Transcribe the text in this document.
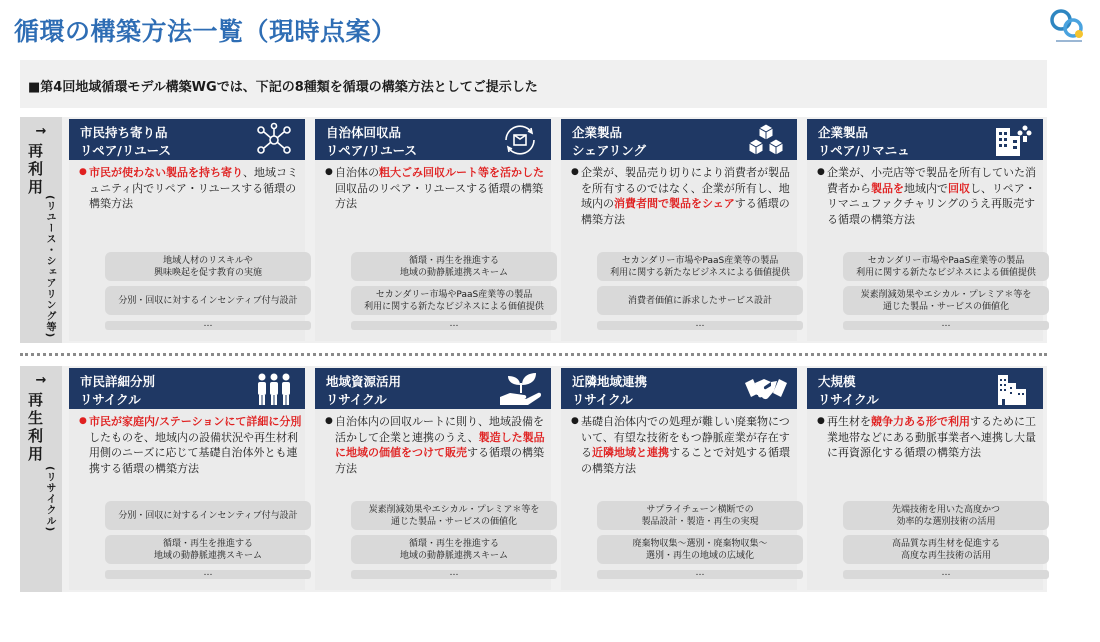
循環の構築方法一覧（現時点案）
■第4回地域循環モデル構築WGでは、下記の8種類を循環の構築方法としてご提示した
→
再利用
(リユース・シェアリング等)
市民持ち寄り品
リペア/リユース
● 市民が使わない製品を持ち寄り、地域コミュニティ内でリペア・リユースする循環の構築方法
地域人材のリスキルや
興味喚起を促す教育の実施
分別・回収に対するインセンティブ付与設計
…
自治体回収品
リペア/リユース
● 自治体の粗大ごみ回収ルート等を活かした回収品のリペア・リユースする循環の構築方法
循環・再生を推進する
地域の動静脈連携スキーム
セカンダリー市場やPaaS産業等の製品
利用に関する新たなビジネスによる価値提供
…
企業製品
シェアリング
● 企業が、製品売り切りにより消費者が製品を所有するのではなく、企業が所有し、地域内の消費者間で製品をシェアする循環の構築方法
セカンダリー市場やPaaS産業等の製品
利用に関する新たなビジネスによる価値提供
消費者価値に訴求したサービス設計
…
企業製品
リペア/リマニュ
● 企業が、小売店等で製品を所有していた消費者から製品を地域内で回収し、リペア・リマニュファクチャリングのうえ再販売する循環の構築方法
セカンダリー市場やPaaS産業等の製品
利用に関する新たなビジネスによる価値提供
炭素削減効果やエシカル・プレミア＊等を
通じた製品・サービスの価値化
…
→
再生利用
(リサイクル)
市民詳細分別
リサイクル
● 市民が家庭内/ステーションにて詳細に分別したものを、地域内の設備状況や再生材利用側のニーズに応じて基礎自治体外とも連携する循環の構築方法
分別・回収に対するインセンティブ付与設計
循環・再生を推進する
地域の動静脈連携スキーム
…
地域資源活用
リサイクル
● 自治体内の回収ルートに則り、地域設備を活かして企業と連携のうえ、製造した製品に地域の価値をつけて販売する循環の構築方法
炭素削減効果やエシカル・プレミア＊等を
通じた製品・サービスの価値化
循環・再生を推進する
地域の動静脈連携スキーム
…
近隣地域連携
リサイクル
● 基礎自治体内での処理が難しい廃棄物について、有望な技術をもつ静脈産業が存在する近隣地域と連携することで対処する循環の構築方法
サプライチェーン横断での
製品設計・製造・再生の実現
廃棄物収集～選別・廃棄物収集～
選別・再生の地域の広域化
…
大規模
リサイクル
● 再生材を競争力ある形で利用するために工業地帯などにある動脈事業者へ連携し大量に再資源化する循環の構築方法
先端技術を用いた高度かつ
効率的な選別技術の活用
高品質な再生材を促進する
高度な再生技術の活用
…
